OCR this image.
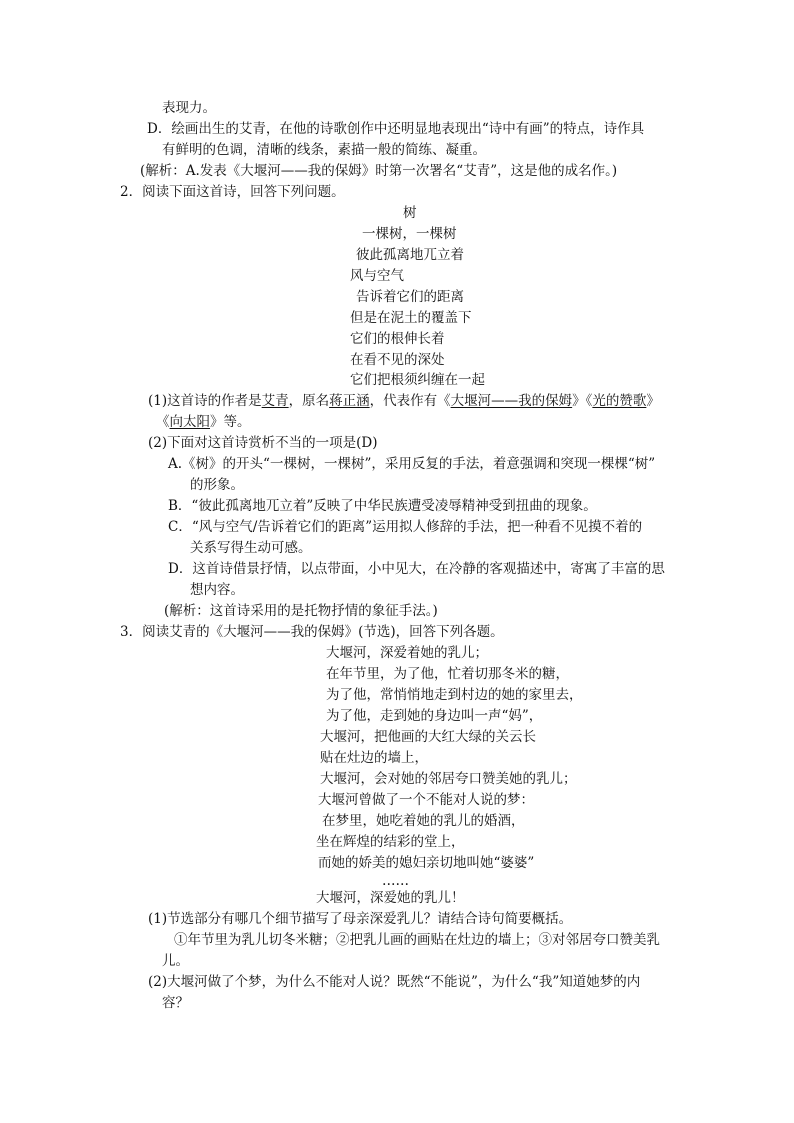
表现力。
D．绘画出生的艾青，在他的诗歌创作中还明显地表现出“诗中有画”的特点，诗作具
有鲜明的色调，清晰的线条，素描一般的简练、凝重。
(解析：A.发表《大堰河——我的保姆》时第一次署名“艾青”，这是他的成名作。)
2．阅读下面这首诗，回答下列问题。
树
一棵树，一棵树
彼此孤离地兀立着
风与空气
告诉着它们的距离
但是在泥土的覆盖下
它们的根伸长着
在看不见的深处
它们把根须纠缠在一起
(1)这首诗的作者是艾青，原名蒋正涵，代表作有《大堰河——我的保姆》《光的赞歌》
《向太阳》等。
(2)下面对这首诗赏析不当的一项是(D)
A.《树》的开头“一棵树，一棵树”，采用反复的手法，着意强调和突现一棵棵“树”
的形象。
B．“彼此孤离地兀立着”反映了中华民族遭受凌辱精神受到扭曲的现象。
C．“风与空气/告诉着它们的距离”运用拟人修辞的手法，把一种看不见摸不着的
关系写得生动可感。
D．这首诗借景抒情，以点带面，小中见大，在冷静的客观描述中，寄寓了丰富的思
想内容。
(解析：这首诗采用的是托物抒情的象征手法。)
3．阅读艾青的《大堰河——我的保姆》(节选)，回答下列各题。
大堰河，深爱着她的乳儿；
在年节里，为了他，忙着切那冬米的糖，
为了他，常悄悄地走到村边的她的家里去，
为了他，走到她的身边叫一声“妈”，
大堰河，把他画的大红大绿的关云长
贴在灶边的墙上，
大堰河，会对她的邻居夸口赞美她的乳儿；
大堰河曾做了一个不能对人说的梦：
在梦里，她吃着她的乳儿的婚酒，
坐在辉煌的结彩的堂上，
而她的娇美的媳妇亲切地叫她“婆婆”
……
大堰河，深爱她的乳儿！
(1)节选部分有哪几个细节描写了母亲深爱乳儿？请结合诗句简要概括。
①年节里为乳儿切冬米糖；②把乳儿画的画贴在灶边的墙上；③对邻居夸口赞美乳
儿。
(2)大堰河做了个梦，为什么不能对人说？既然“不能说”，为什么“我”知道她梦的内
容？
